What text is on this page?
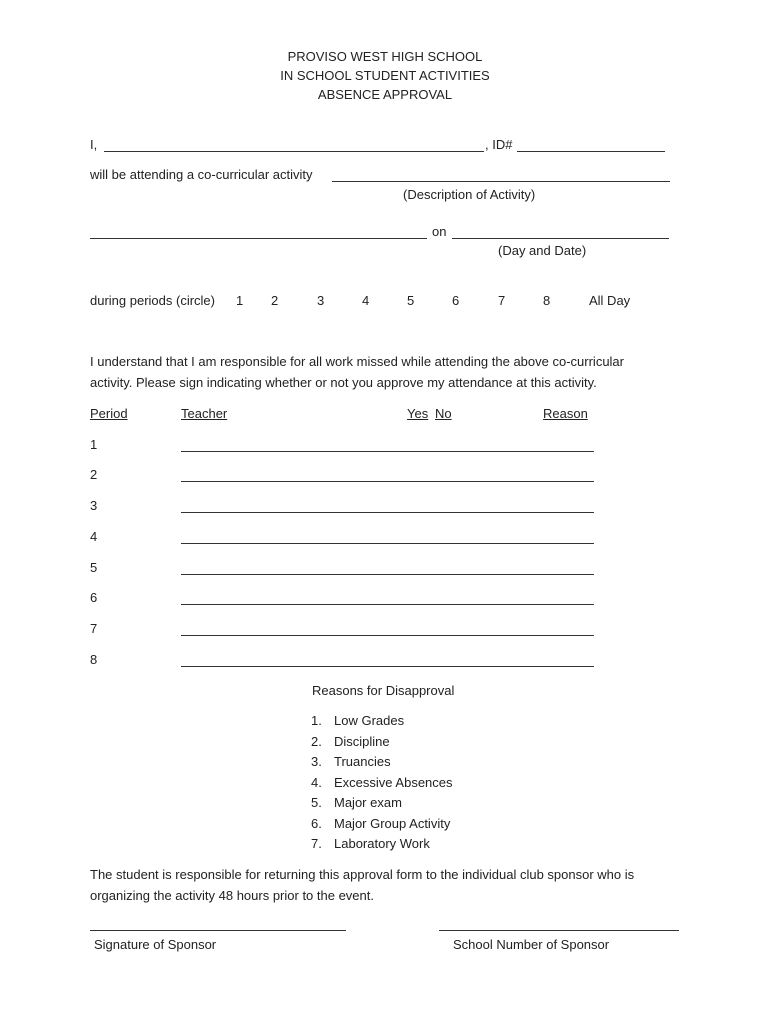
PROVISO WEST HIGH SCHOOL
IN SCHOOL STUDENT ACTIVITIES
ABSENCE APPROVAL
I,	, ID#
will be attending a co-curricular activity
(Description of Activity)
on
(Day and Date)
during periods (circle) 1 2	3	4	5	6	7	8	All Day
I understand that I am responsible for all work missed while attending the above co-curricular
activity. Please sign indicating whether or not you approve my attendance at this activity.
Period	Teacher	Yes No	Reason
1
2
3
4
5
6
7
8
Reasons for Disapproval
1. Low Grades
2. Discipline
3. Truancies
4. Excessive Absences
5. Major exam
6. Major Group Activity
7. Laboratory Work
The student is responsible for returning this approval form to the individual club sponsor who is
organizing the activity 48 hours prior to the event.
Signature of Sponsor	School Number of Sponsor
